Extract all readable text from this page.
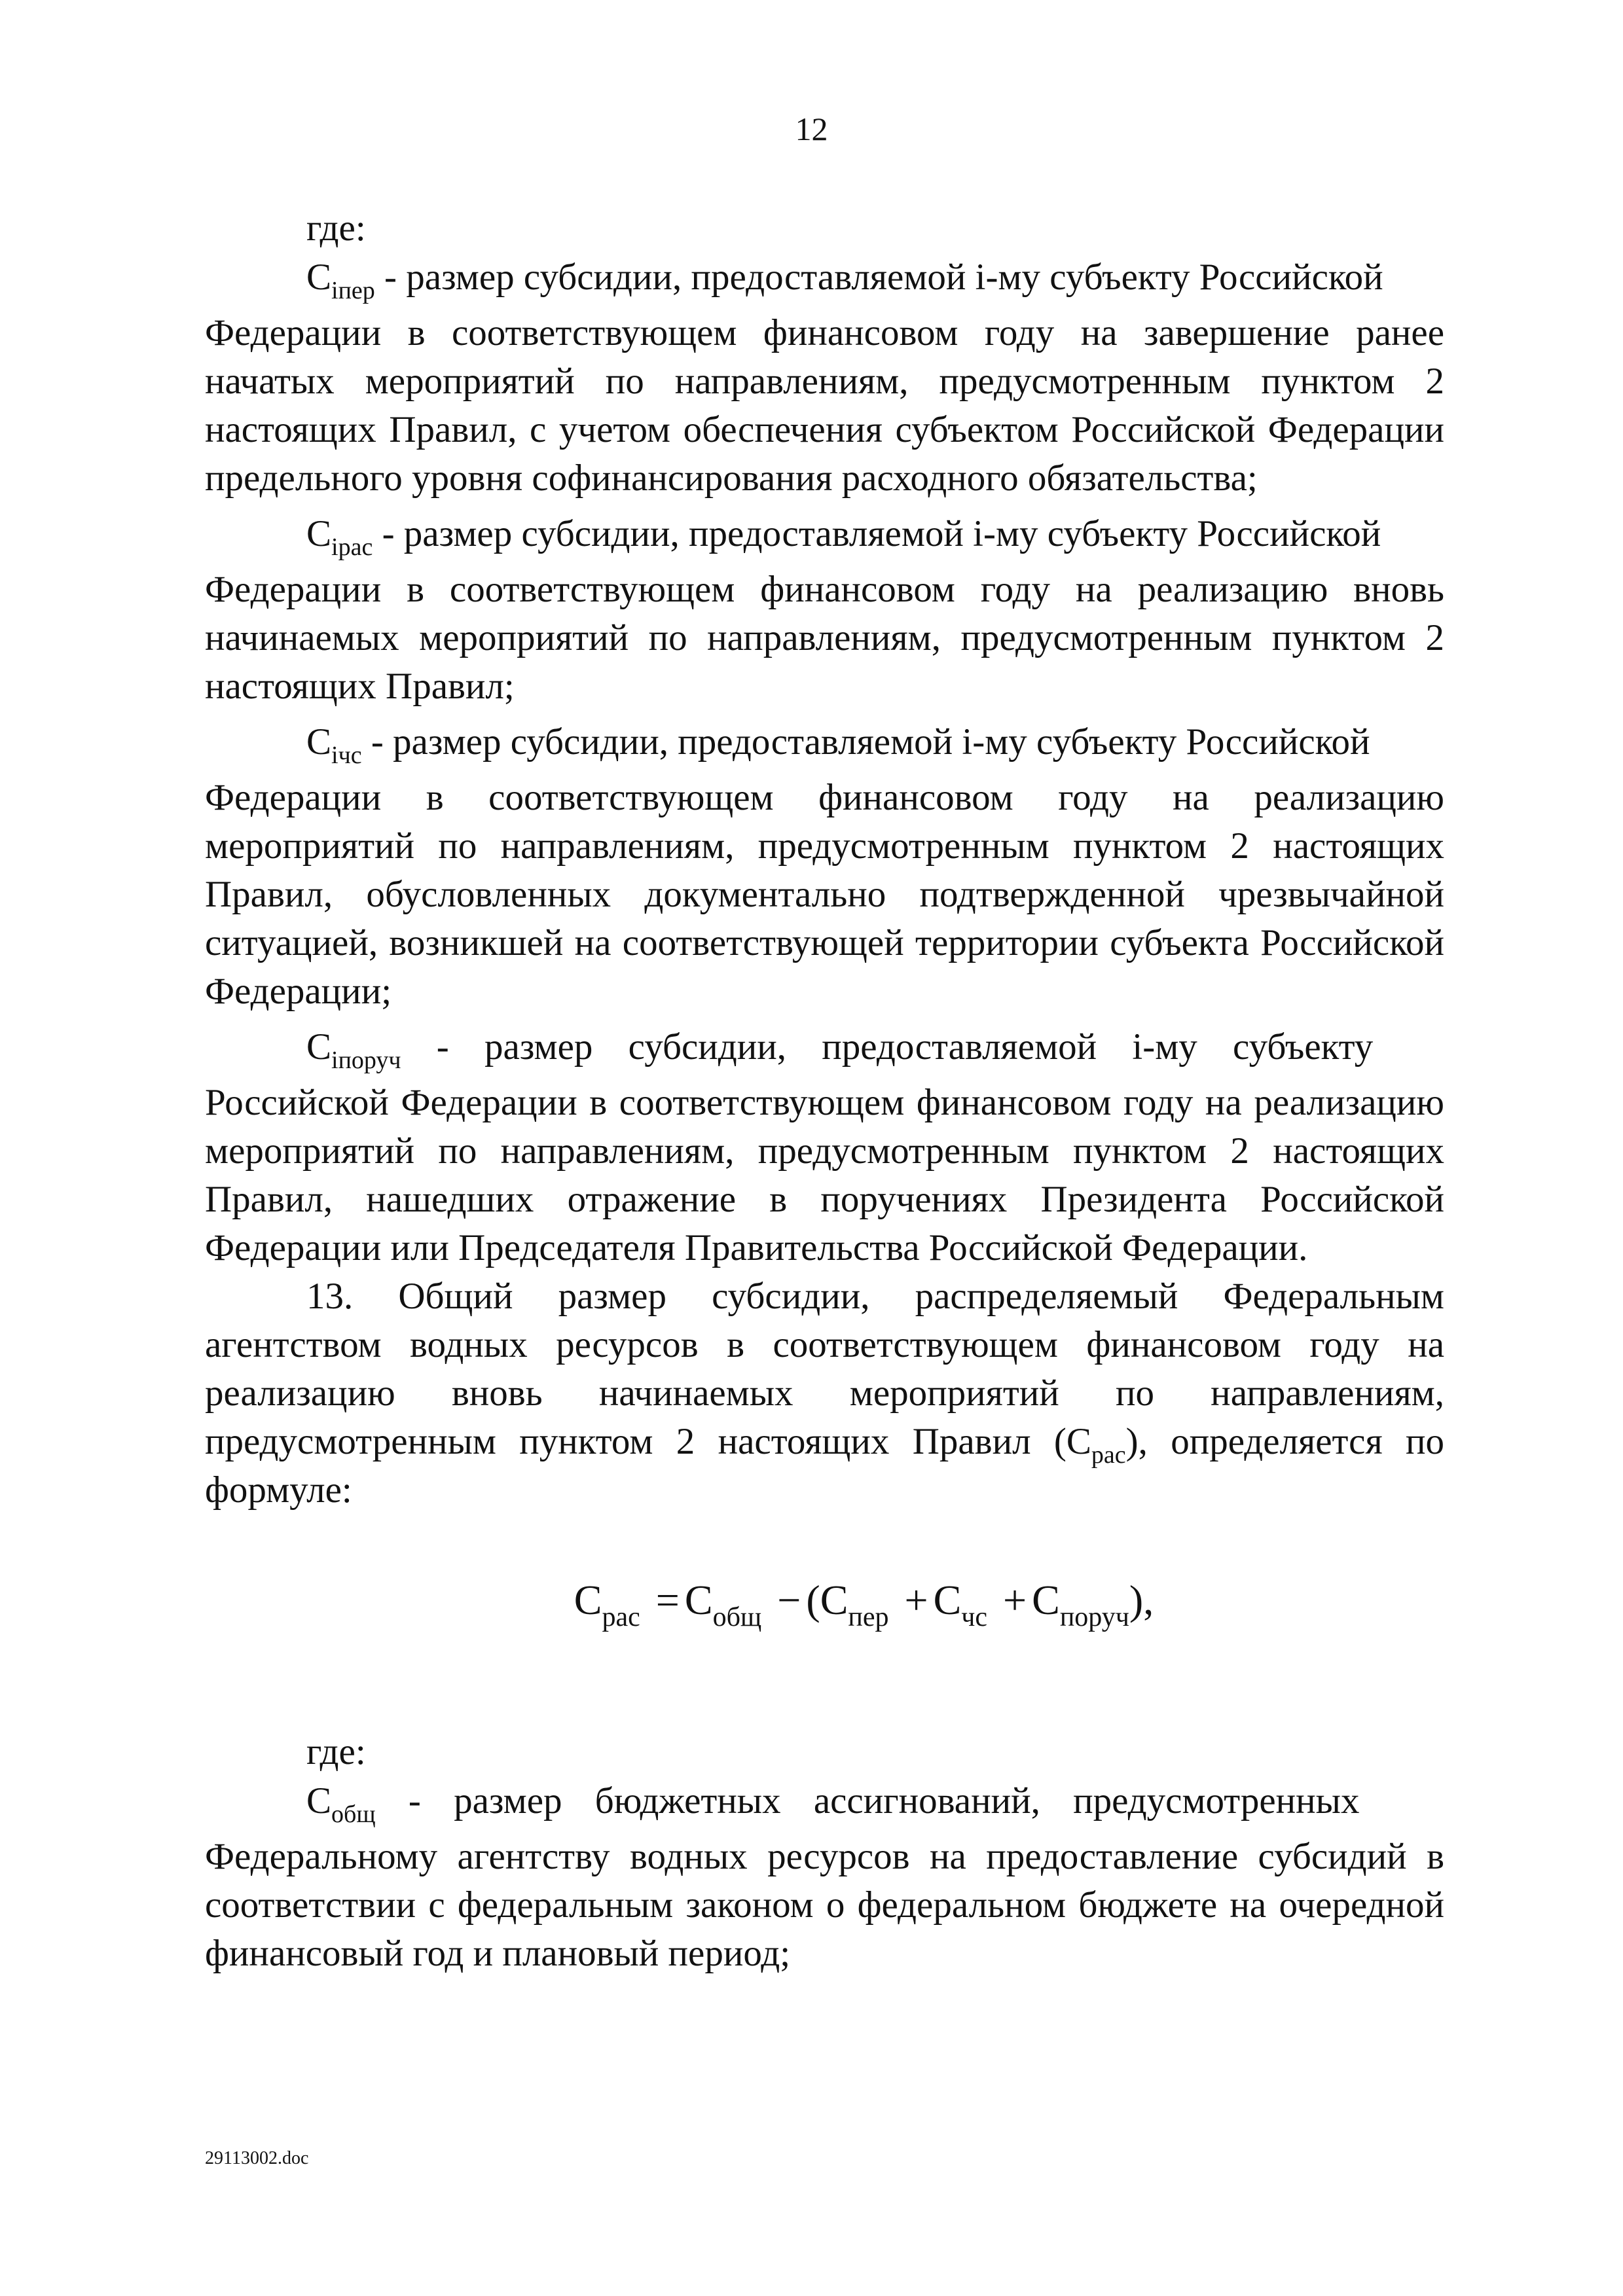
12

где:

$C_{iпер}$ - размер субсидии, предоставляемой i-му субъекту Российской

Федерации в соответствующем финансовом году на завершение ранее начатых мероприятий по направлениям, предусмотренным пунктом 2 настоящих Правил, с учетом обеспечения субъектом Российской Федерации предельного уровня софинансирования расходного обязательства;

$C_{iрас}$ - размер субсидии, предоставляемой i-му субъекту Российской

Федерации в соответствующем финансовом году на реализацию вновь начинаемых мероприятий по направлениям, предусмотренным пунктом 2 настоящих Правил;

$C_{iчс}$ - размер субсидии, предоставляемой i-му субъекту Российской

Федерации в соответствующем финансовом году на реализацию мероприятий по направлениям, предусмотренным пунктом 2 настоящих Правил, обусловленных документально подтвержденной чрезвычайной ситуацией, возникшей на соответствующей территории субъекта Российской Федерации;

$C_{iпоруч}$ - размер субсидии, предоставляемой i-му субъекту

Российской Федерации в соответствующем финансовом году на реализацию мероприятий по направлениям, предусмотренным пунктом 2 настоящих Правил, нашедших отражение в поручениях Президента Российской Федерации или Председателя Правительства Российской Федерации.

13. Общий размер субсидии, распределяемый Федеральным агентством водных ресурсов в соответствующем финансовом году на реализацию вновь начинаемых мероприятий по направлениям, предусмотренным пунктом 2 настоящих Правил $(C_{рас})$, определяется по формуле:

$C_{рас} = C_{общ} - (C_{пер} + C_{чс} + C_{поруч})$,

где:

$C_{общ}$ - размер бюджетных ассигнований, предусмотренных

Федеральному агентству водных ресурсов на предоставление субсидий в соответствии с федеральным законом о федеральном бюджете на очередной финансовый год и плановый период;

29113002.doc
